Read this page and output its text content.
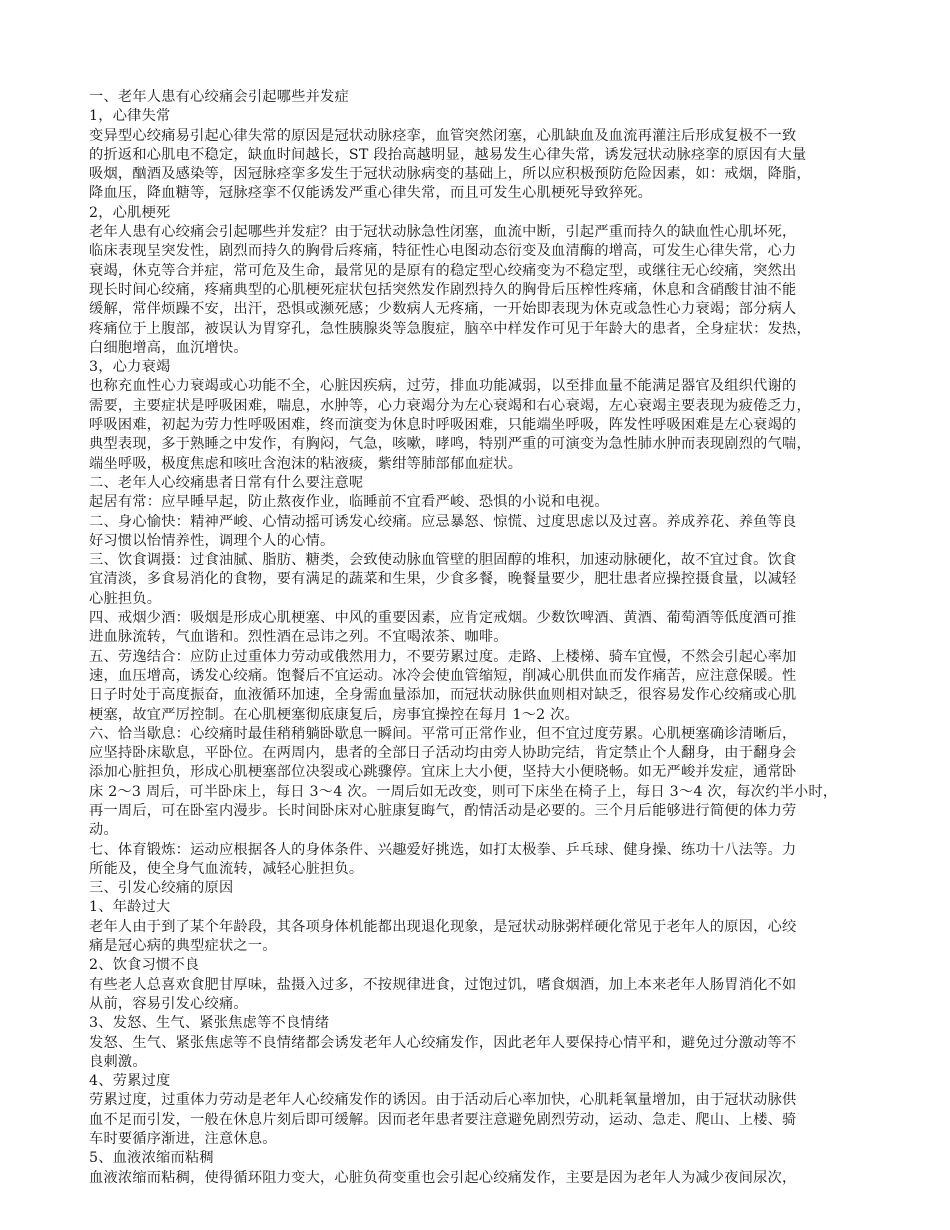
一、老年人患有心绞痛会引起哪些并发症
1，心律失常
变异型心绞痛易引起心律失常的原因是冠状动脉痉挛，血管突然闭塞，心肌缺血及血流再灌注后形成复极不一致
的折返和心肌电不稳定，缺血时间越长，ST 段抬高越明显，越易发生心律失常，诱发冠状动脉痉挛的原因有大量
吸烟，酗酒及感染等，因冠脉痉挛多发生于冠状动脉病变的基础上，所以应积极预防危险因素，如：戒烟，降脂，
降血压，降血糖等，冠脉痉挛不仅能诱发严重心律失常，而且可发生心肌梗死导致猝死。
2，心肌梗死
老年人患有心绞痛会引起哪些并发症？由于冠状动脉急性闭塞，血流中断，引起严重而持久的缺血性心肌坏死，
临床表现呈突发性，剧烈而持久的胸骨后疼痛，特征性心电图动态衍变及血清酶的增高，可发生心律失常，心力
衰竭，休克等合并症，常可危及生命，最常见的是原有的稳定型心绞痛变为不稳定型，或继往无心绞痛，突然出
现长时间心绞痛，疼痛典型的心肌梗死症状包括突然发作剧烈持久的胸骨后压榨性疼痛，休息和含硝酸甘油不能
缓解，常伴烦躁不安，出汗，恐惧或濒死感；少数病人无疼痛，一开始即表现为休克或急性心力衰竭；部分病人
疼痛位于上腹部，被误认为胃穿孔，急性胰腺炎等急腹症，脑卒中样发作可见于年龄大的患者，全身症状：发热，
白细胞增高，血沉增快。
3，心力衰竭
也称充血性心力衰竭或心功能不全，心脏因疾病，过劳，排血功能减弱，以至排血量不能满足器官及组织代谢的
需要，主要症状是呼吸困难，喘息，水肿等，心力衰竭分为左心衰竭和右心衰竭，左心衰竭主要表现为疲倦乏力，
呼吸困难，初起为劳力性呼吸困难，终而演变为休息时呼吸困难，只能端坐呼吸，阵发性呼吸困难是左心衰竭的
典型表现，多于熟睡之中发作，有胸闷，气急，咳嗽，哮鸣，特别严重的可演变为急性肺水肿而表现剧烈的气喘，
端坐呼吸，极度焦虑和咳吐含泡沫的粘液痰，紫绀等肺部郁血症状。
二、老年人心绞痛患者日常有什么要注意呢
起居有常：应早睡早起，防止熬夜作业，临睡前不宜看严峻、恐惧的小说和电视。
二、身心愉快：精神严峻、心情动摇可诱发心绞痛。应忌暴怒、惊慌、过度思虑以及过喜。养成养花、养鱼等良
好习惯以怡情养性，调理个人的心情。
三、饮食调摄：过食油腻、脂肪、糖类，会致使动脉血管壁的胆固醇的堆积，加速动脉硬化，故不宜过食。饮食
宜清淡，多食易消化的食物，要有满足的蔬菜和生果，少食多餐，晚餐量要少，肥壮患者应操控摄食量，以减轻
心脏担负。
四、戒烟少酒：吸烟是形成心肌梗塞、中风的重要因素，应肯定戒烟。少数饮啤酒、黄酒、葡萄酒等低度酒可推
进血脉流转，气血谐和。烈性酒在忌讳之列。不宜喝浓茶、咖啡。
五、劳逸结合：应防止过重体力劳动或俄然用力，不要劳累过度。走路、上楼梯、骑车宜慢，不然会引起心率加
速，血压增高，诱发心绞痛。饱餐后不宜运动。冰冷会使血管缩短，削减心肌供血而发作痛苦，应注意保暖。性
日子时处于高度振奋，血液循环加速，全身需血量添加，而冠状动脉供血则相对缺乏，很容易发作心绞痛或心肌
梗塞，故宜严厉控制。在心肌梗塞彻底康复后，房事宜操控在每月 1～2 次。
六、恰当歇息：心绞痛时最佳稍稍躺卧歇息一瞬间。平常可正常作业，但不宜过度劳累。心肌梗塞确诊清晰后，
应坚持卧床歇息，平卧位。在两周内，患者的全部日子活动均由旁人协助完结，肯定禁止个人翻身，由于翻身会
添加心脏担负，形成心肌梗塞部位决裂或心跳骤停。宜床上大小便，坚持大小便晓畅。如无严峻并发症，通常卧
床 2～3 周后，可半卧床上，每日 3～4 次。一周后如无改变，则可下床坐在椅子上，每日 3～4 次，每次约半小时，
再一周后，可在卧室内漫步。长时间卧床对心脏康复晦气，酌情活动是必要的。三个月后能够进行简便的体力劳
动。
七、体育锻炼：运动应根据各人的身体条件、兴趣爱好挑选，如打太极拳、乒乓球、健身操、练功十八法等。力
所能及，使全身气血流转，减轻心脏担负。
三、引发心绞痛的原因
1、年龄过大
老年人由于到了某个年龄段，其各项身体机能都出现退化现象，是冠状动脉粥样硬化常见于老年人的原因，心绞
痛是冠心病的典型症状之一。
2、饮食习惯不良
有些老人总喜欢食肥甘厚味，盐摄入过多，不按规律进食，过饱过饥，嗜食烟酒，加上本来老年人肠胃消化不如
从前，容易引发心绞痛。
3、发怒、生气、紧张焦虑等不良情绪
发怒、生气、紧张焦虑等不良情绪都会诱发老年人心绞痛发作，因此老年人要保持心情平和，避免过分激动等不
良刺激。
4、劳累过度
劳累过度，过重体力劳动是老年人心绞痛发作的诱因。由于活动后心率加快，心肌耗氧量增加，由于冠状动脉供
血不足而引发，一般在休息片刻后即可缓解。因而老年患者要注意避免剧烈劳动，运动、急走、爬山、上楼、骑
车时要循序渐进，注意休息。
5、血液浓缩而粘稠
血液浓缩而粘稠，使得循环阻力变大，心脏负荷变重也会引起心绞痛发作，主要是因为老年人为减少夜间尿次，
